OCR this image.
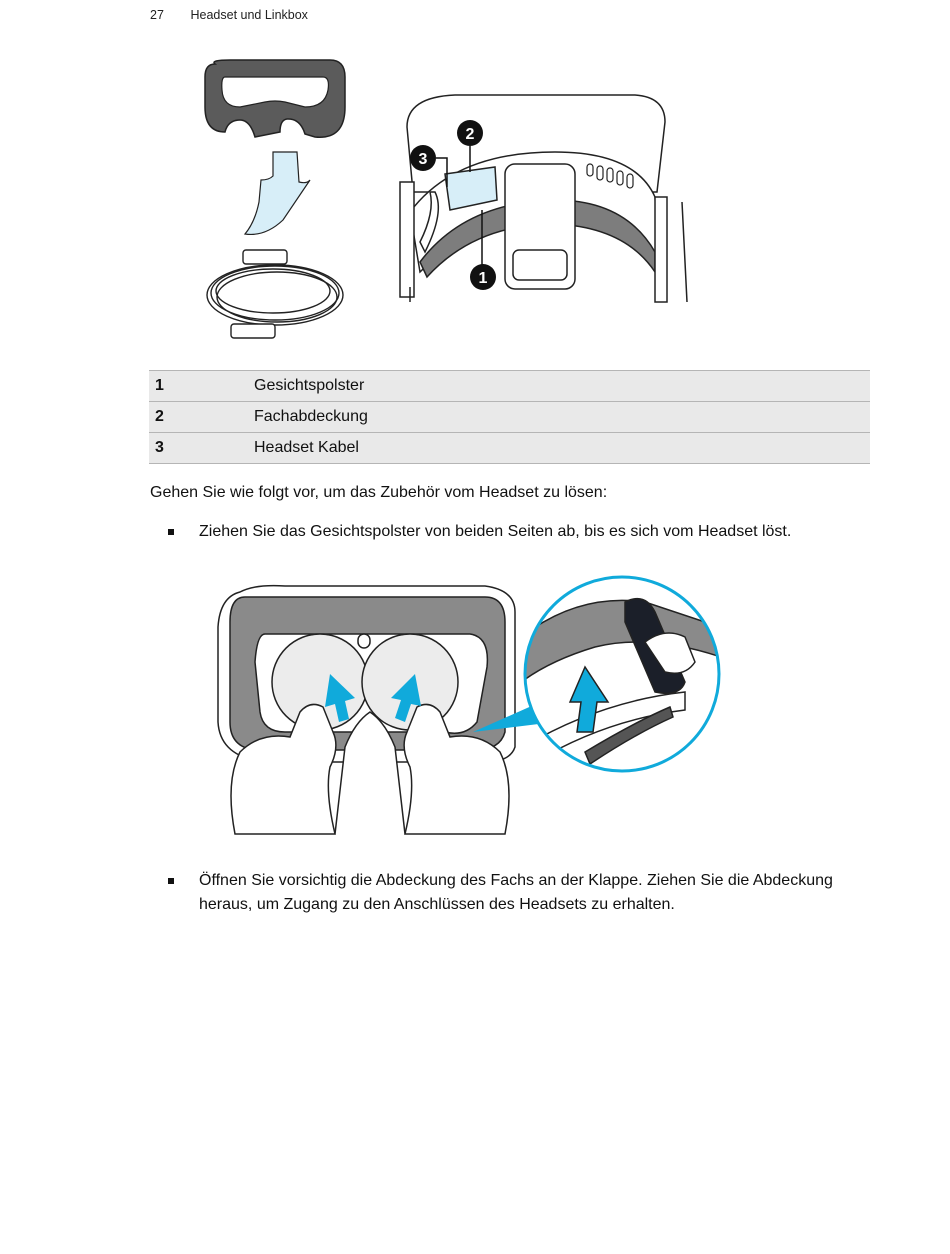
27 Headset und Linkbox
1
2
3
1	Gesichtspolster
2	Fachabdeckung
3	Headset Kabel
Gehen Sie wie folgt vor, um das Zubehör vom Headset zu lösen:
Ziehen Sie das Gesichtspolster von beiden Seiten ab, bis es sich vom Headset löst.
Öffnen Sie vorsichtig die Abdeckung des Fachs an der Klappe. Ziehen Sie die Abdeckung heraus, um Zugang zu den Anschlüssen des Headsets zu erhalten.
